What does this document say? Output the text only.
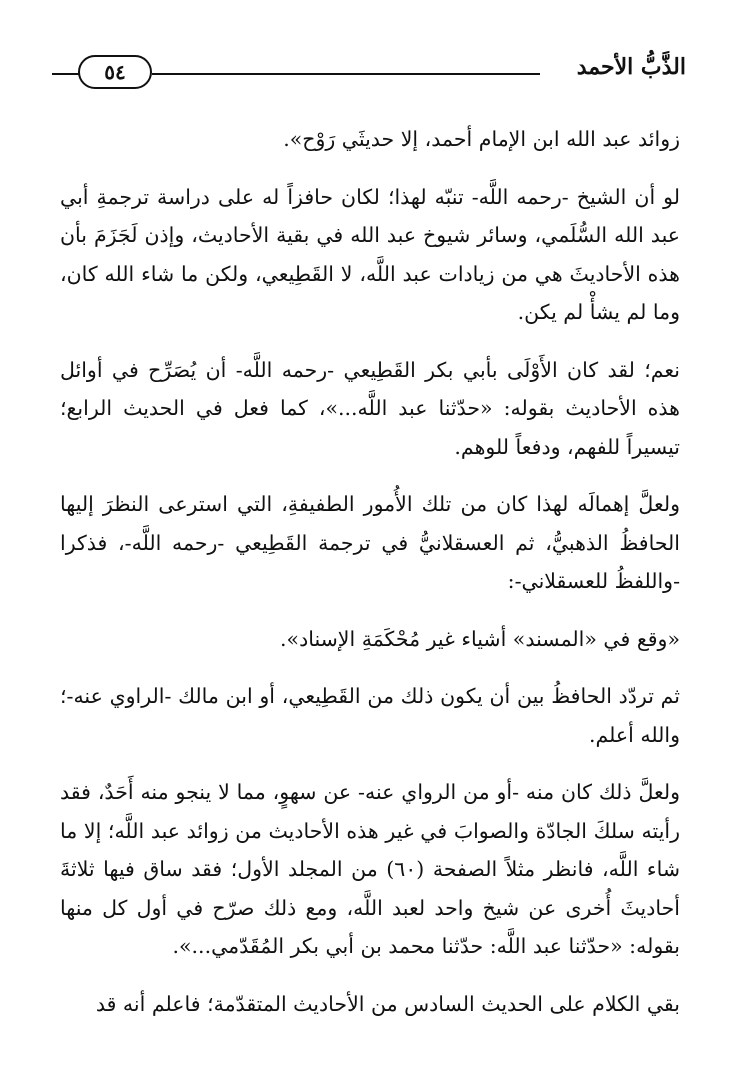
٥٤	الذَّبُّ الأحمد

زوائد عبد الله ابن الإمام أحمد، إلا حديثَي رَوْح».

لو أن الشيخ -رحمه اللَّه- تنبّه لهذا؛ لكان حافزاً له على دراسة ترجمةِ أبي عبد الله السُّلَمي، وسائر شيوخ عبد الله في بقية الأحاديث، وإذن لَجَزَمَ بأن هذه الأحاديثَ هي من زيادات عبد اللَّه، لا القَطِيعي، ولكن ما شاء الله كان، وما لم يشأْ لم يكن.

نعم؛ لقد كان الأَوْلَى بأبي بكر القَطِيعي -رحمه اللَّه- أن يُصَرِّح في أوائل هذه الأحاديث بقوله: «حدّثنا عبد اللَّه...»، كما فعل في الحديث الرابع؛ تيسيراً للفهم، ودفعاً للوهم.

ولعلَّ إهمالَه لهذا كان من تلك الأُمور الطفيفةِ، التي استرعى النظرَ إليها الحافظُ الذهبيُّ، ثم العسقلانيُّ في ترجمة القَطِيعي -رحمه اللَّه-، فذكرا -واللفظُ للعسقلاني-:

«وقع في «المسند» أشياء غير مُحْكَمَةِ الإسناد».

ثم تردّد الحافظُ بين أن يكون ذلك من القَطِيعي، أو ابن مالك -الراوي عنه-؛ والله أعلم.

ولعلَّ ذلك كان منه -أو من الرواي عنه- عن سهوٍ، مما لا ينجو منه أَحَدٌ، فقد رأيته سلكَ الجادّة والصوابَ في غير هذه الأحاديث من زوائد عبد اللَّه؛ إلا ما شاء اللَّه، فانظر مثلاً الصفحة (٦٠) من المجلد الأول؛ فقد ساق فيها ثلاثةَ أحاديثَ أُخرى عن شيخ واحد لعبد اللَّه، ومع ذلك صرّح في أول كل منها بقوله: «حدّثنا عبد اللَّه: حدّثنا محمد بن أبي بكر المُقَدّمي...».

بقي الكلام على الحديث السادس من الأحاديث المتقدّمة؛ فاعلم أنه قد
